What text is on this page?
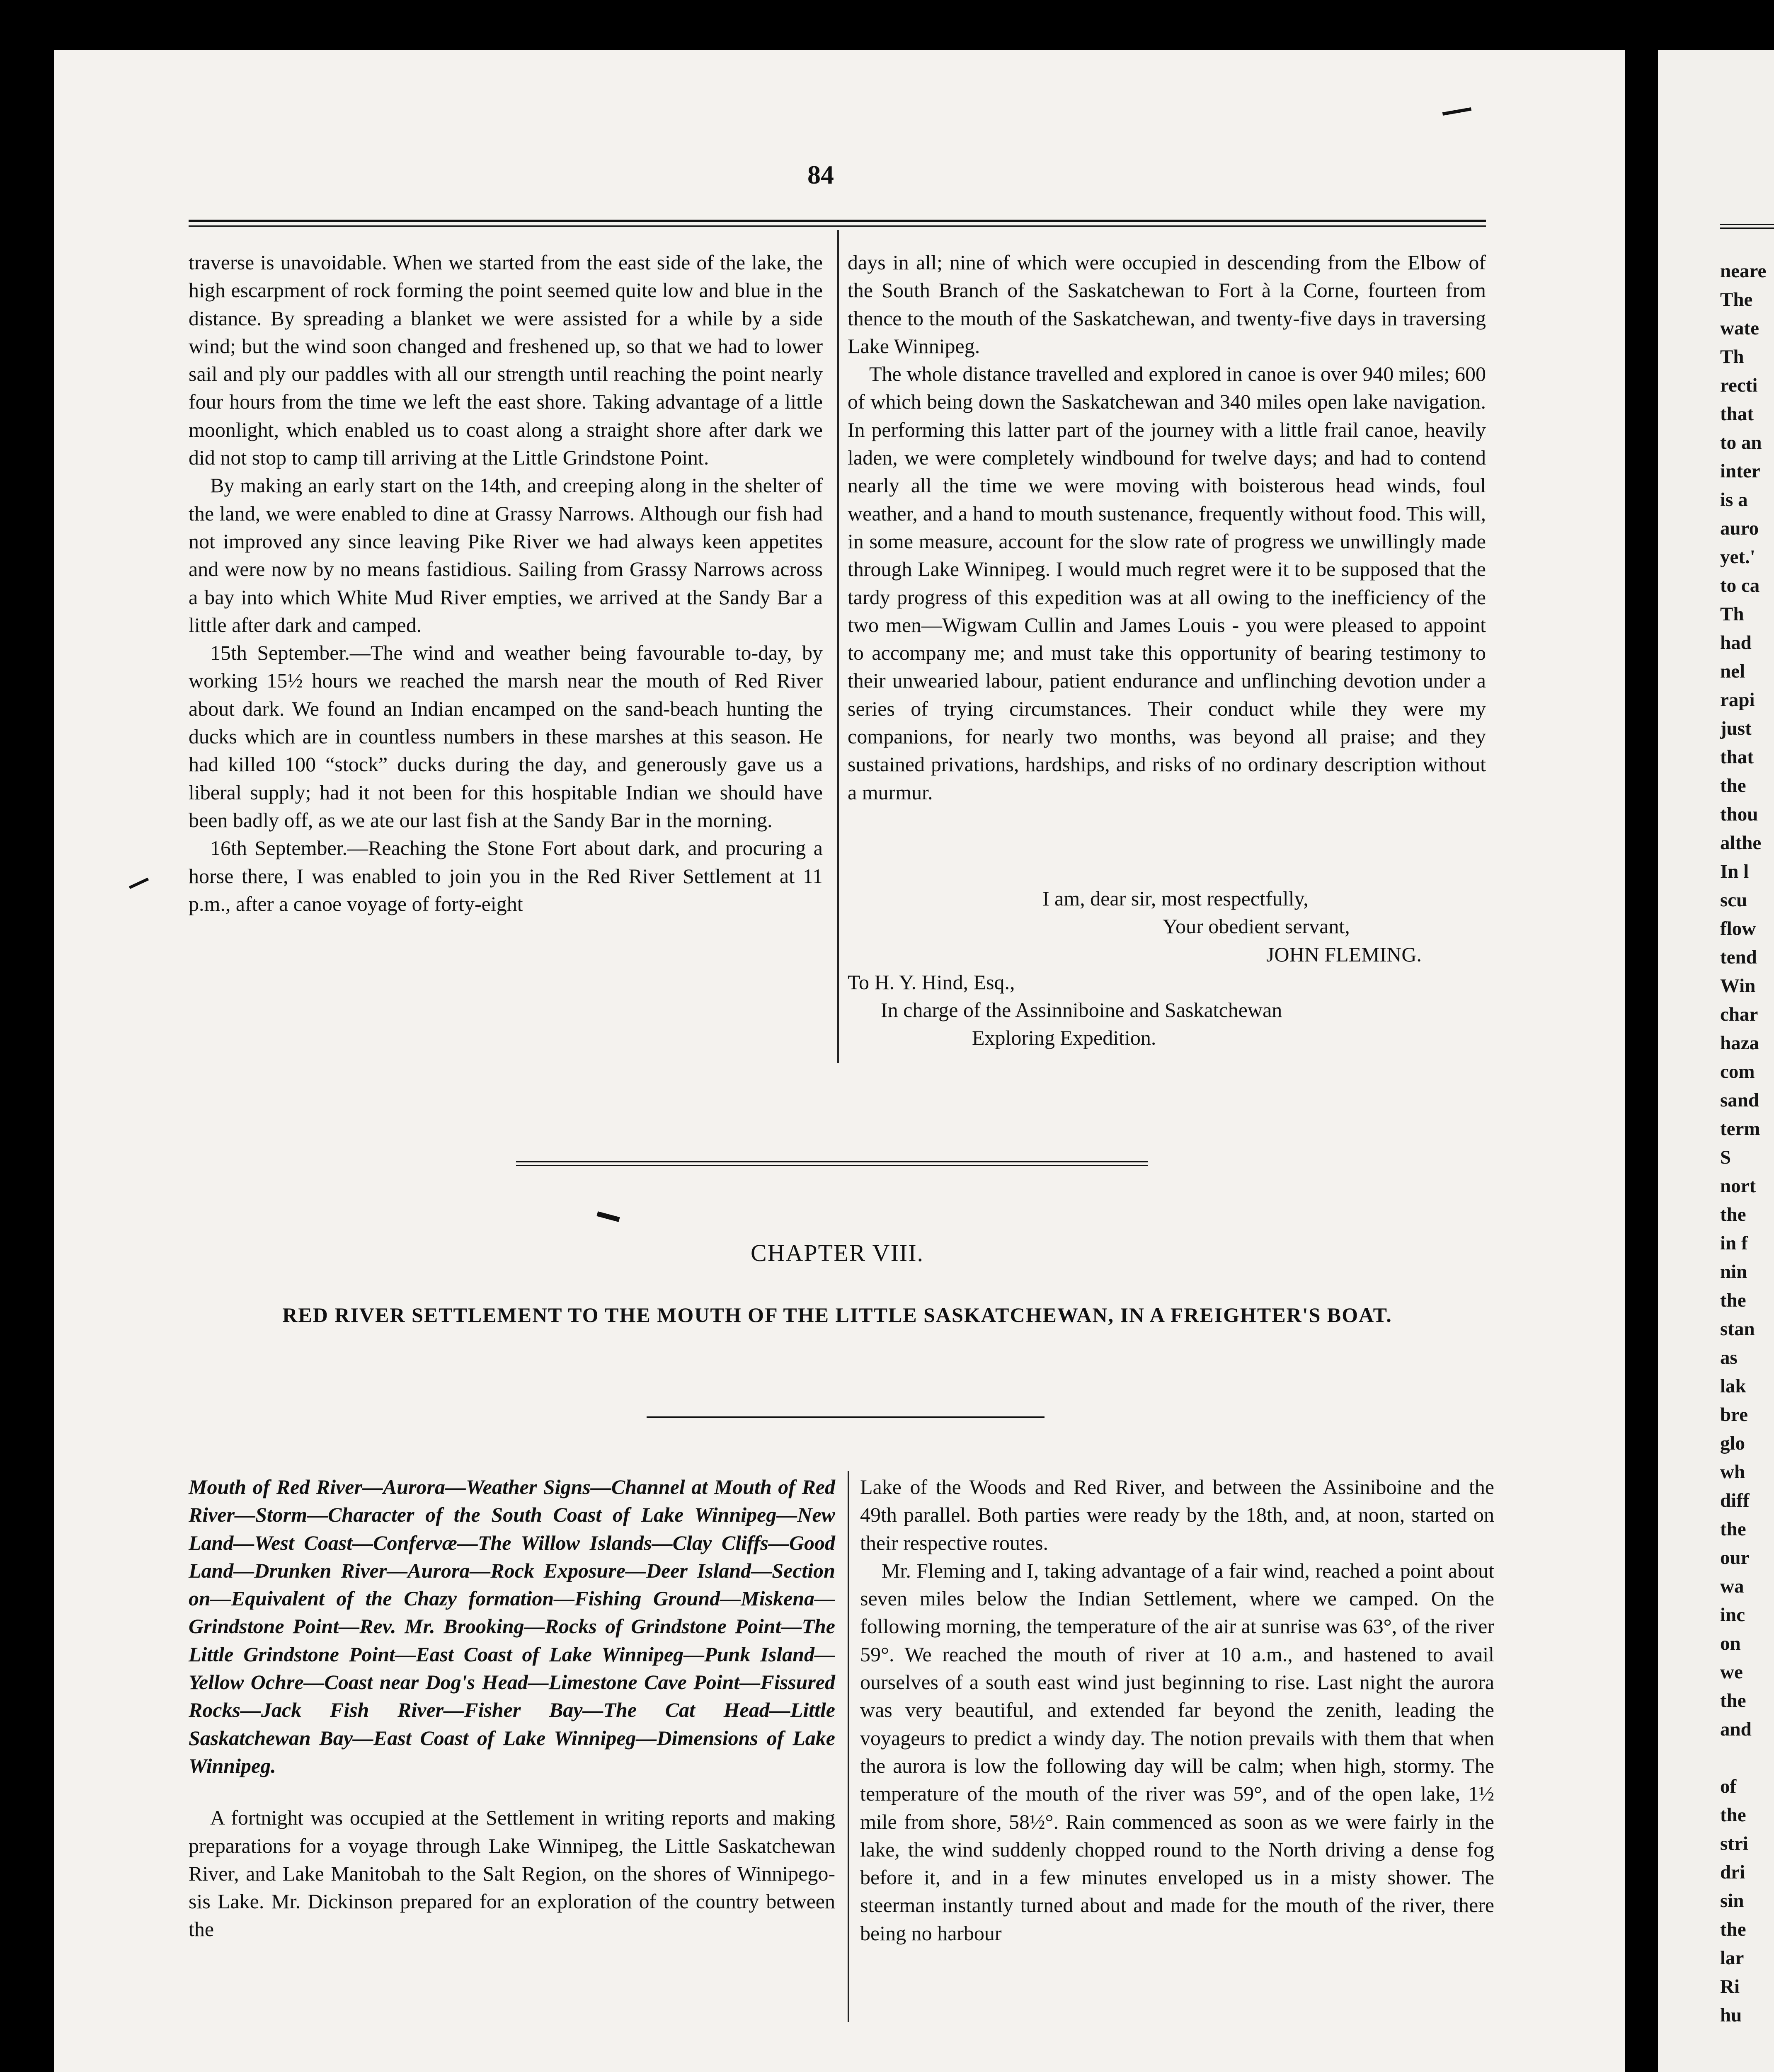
neare
The
wate
Th
recti
that
to an
inter
is a
auro
yet.'
to ca
Th
had
nel
rapi
just
that
the
thou
althe
In l
scu
flow
tend
Win
char
haza
com
sand
term
S
nort
the
in f
nin
the
stan
as
lak
bre
glo
wh
diff
the
our
wa
inc
on
we
the
and

of
the
stri
dri
sin
the
lar
Ri
hu
84

traverse is unavoidable. When we started from the east side of the lake, the high escarpment of rock forming the point seemed quite low and blue in the distance. By spreading a blanket we were assisted for a while by a side wind; but the wind soon changed and freshened up, so that we had to lower sail and ply our paddles with all our strength until reaching the point nearly four hours from the time we left the east shore. Taking advantage of a little moonlight, which enabled us to coast along a straight shore after dark we did not stop to camp till arriving at the Little Grindstone Point.

By making an early start on the 14th, and creeping along in the shelter of the land, we were enabled to dine at Grassy Narrows. Although our fish had not improved any since leaving Pike River we had always keen appetites and were now by no means fastidious. Sailing from Grassy Narrows across a bay into which White Mud River empties, we arrived at the Sandy Bar a little after dark and camped.

15th September.—The wind and weather being favourable to-day, by working 15½ hours we reached the marsh near the mouth of Red River about dark. We found an Indian encamped on the sand-beach hunting the ducks which are in countless numbers in these marshes at this season. He had killed 100 “stock” ducks during the day, and generously gave us a liberal supply; had it not been for this hospitable Indian we should have been badly off, as we ate our last fish at the Sandy Bar in the morning.

16th September.—Reaching the Stone Fort about dark, and procuring a horse there, I was enabled to join you in the Red River Settlement at 11 p.m., after a canoe voyage of forty-eight

days in all; nine of which were occupied in descending from the Elbow of the South Branch of the Saskatchewan to Fort à la Corne, fourteen from thence to the mouth of the Saskatchewan, and twenty-five days in traversing Lake Winnipeg.

The whole distance travelled and explored in canoe is over 940 miles; 600 of which being down the Saskatchewan and 340 miles open lake navigation. In performing this latter part of the journey with a little frail canoe, heavily laden, we were completely windbound for twelve days; and had to contend nearly all the time we were moving with boisterous head winds, foul weather, and a hand to mouth sustenance, frequently without food. This will, in some measure, account for the slow rate of progress we unwillingly made through Lake Winnipeg. I would much regret were it to be supposed that the tardy progress of this expedition was at all owing to the inefficiency of the two men—Wigwam Cullin and James Louis - you were pleased to appoint to accompany me; and must take this opportunity of bearing testimony to their unwearied labour, patient endurance and unflinching devotion under a series of trying circumstances. Their conduct while they were my companions, for nearly two months, was beyond all praise; and they sustained privations, hardships, and risks of no ordinary description without a murmur.

I am, dear sir, most respectfully,
Your obedient servant,
JOHN FLEMING.
To H. Y. Hind, Esq.,
In charge of the Assinniboine and Saskatchewan
Exploring Expedition.
CHAPTER VIII.
RED RIVER SETTLEMENT TO THE MOUTH OF THE LITTLE SASKATCHEWAN, IN A FREIGHTER'S BOAT.

Mouth of Red River—Aurora—Weather Signs—Channel at Mouth of Red River—Storm—Character of the South Coast of Lake Winnipeg—New Land—West Coast—Confervæ—The Willow Islands—Clay Cliffs—Good Land—Drunken River—Aurora—Rock Exposure—Deer Island—Section on—Equivalent of the Chazy formation—Fishing Ground—Miskena—Grindstone Point—Rev. Mr. Brooking—Rocks of Grindstone Point—The Little Grindstone Point—East Coast of Lake Winnipeg—Punk Island—Yellow Ochre—Coast near Dog's Head—Limestone Cave Point—Fissured Rocks—Jack Fish River—Fisher Bay—The Cat Head—Little Saskatchewan Bay—East Coast of Lake Winnipeg—Dimensions of Lake Winnipeg.

A fortnight was occupied at the Settlement in writing reports and making preparations for a voyage through Lake Winnipeg, the Little Saskatchewan River, and Lake Manitobah to the Salt Region, on the shores of Winnipego-sis Lake. Mr. Dickinson prepared for an exploration of the country between the

Lake of the Woods and Red River, and between the Assiniboine and the 49th parallel. Both parties were ready by the 18th, and, at noon, started on their respective routes.

Mr. Fleming and I, taking advantage of a fair wind, reached a point about seven miles below the Indian Settlement, where we camped. On the following morning, the temperature of the air at sunrise was 63°, of the river 59°. We reached the mouth of river at 10 a.m., and hastened to avail ourselves of a south east wind just beginning to rise. Last night the aurora was very beautiful, and extended far beyond the zenith, leading the voyageurs to predict a windy day. The notion prevails with them that when the aurora is low the following day will be calm; when high, stormy. The temperature of the mouth of the river was 59°, and of the open lake, 1½ mile from shore, 58½°. Rain commenced as soon as we were fairly in the lake, the wind suddenly chopped round to the North driving a dense fog before it, and in a few minutes enveloped us in a misty shower. The steerman instantly turned about and made for the mouth of the river, there being no harbour
